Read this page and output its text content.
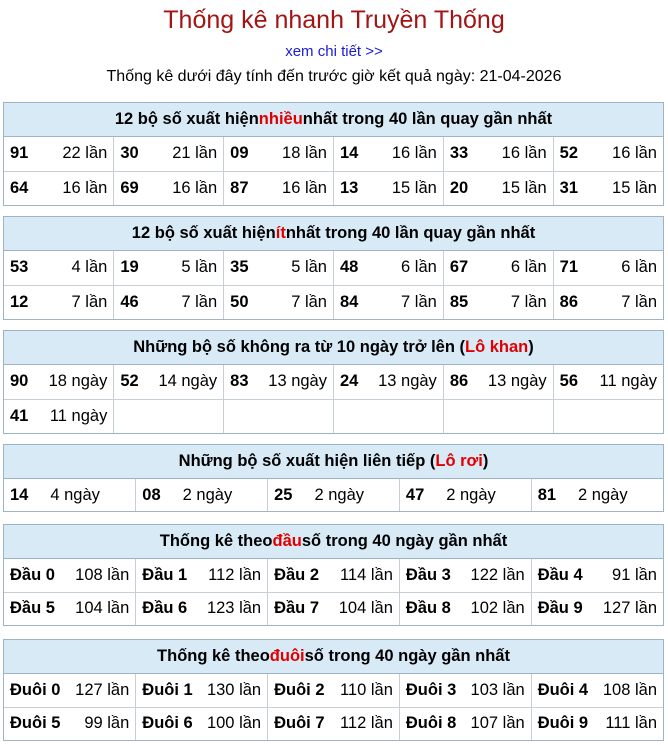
Thống kê nhanh Truyền Thống
xem chi tiết >>
Thống kê dưới đây tính đến trước giờ kết quả ngày: 21-04-2026
12 bộ số xuất hiện nhiều nhất trong 40 lần quay gần nhất
91 22 lần	30 21 lần	09 18 lần	14 16 lần	33 16 lần	52 16 lần

64 16 lần	69 16 lần	87 16 lần	13 15 lần	20 15 lần	31 15 lần
12 bộ số xuất hiện ít nhất trong 40 lần quay gần nhất
53 4 lần	19 5 lần	35 5 lần	48 6 lần	67 6 lần	71 6 lần

12 7 lần	46 7 lần	50 7 lần	84 7 lần	85 7 lần	86 7 lần
Những bộ số không ra từ 10 ngày trở lên ( Lô khan )
90 18 ngày	52 14 ngày	83 13 ngày	24 13 ngày	86 13 ngày	56 11 ngày

41 11 ngày					

Những bộ số xuất hiện liên tiếp ( Lô rơi )
14 4 ngày	08 2 ngày	25 2 ngày	47 2 ngày	81 2 ngày
Thống kê theo đầu số trong 40 ngày gần nhất
Đầu 0 108 lần	Đầu 1 112 lần	Đầu 2 114 lần	Đầu 3 122 lần	Đầu 4 91 lần

Đầu 5 104 lần	Đầu 6 123 lần	Đầu 7 104 lần	Đầu 8 102 lần	Đầu 9 127 lần
Thống kê theo đuôi số trong 40 ngày gần nhất
Đuôi 0 127 lần	Đuôi 1 130 lần	Đuôi 2 110 lần	Đuôi 3 103 lần	Đuôi 4 108 lần

Đuôi 5 99 lần	Đuôi 6 100 lần	Đuôi 7 112 lần	Đuôi 8 107 lần	Đuôi 9 111 lần
